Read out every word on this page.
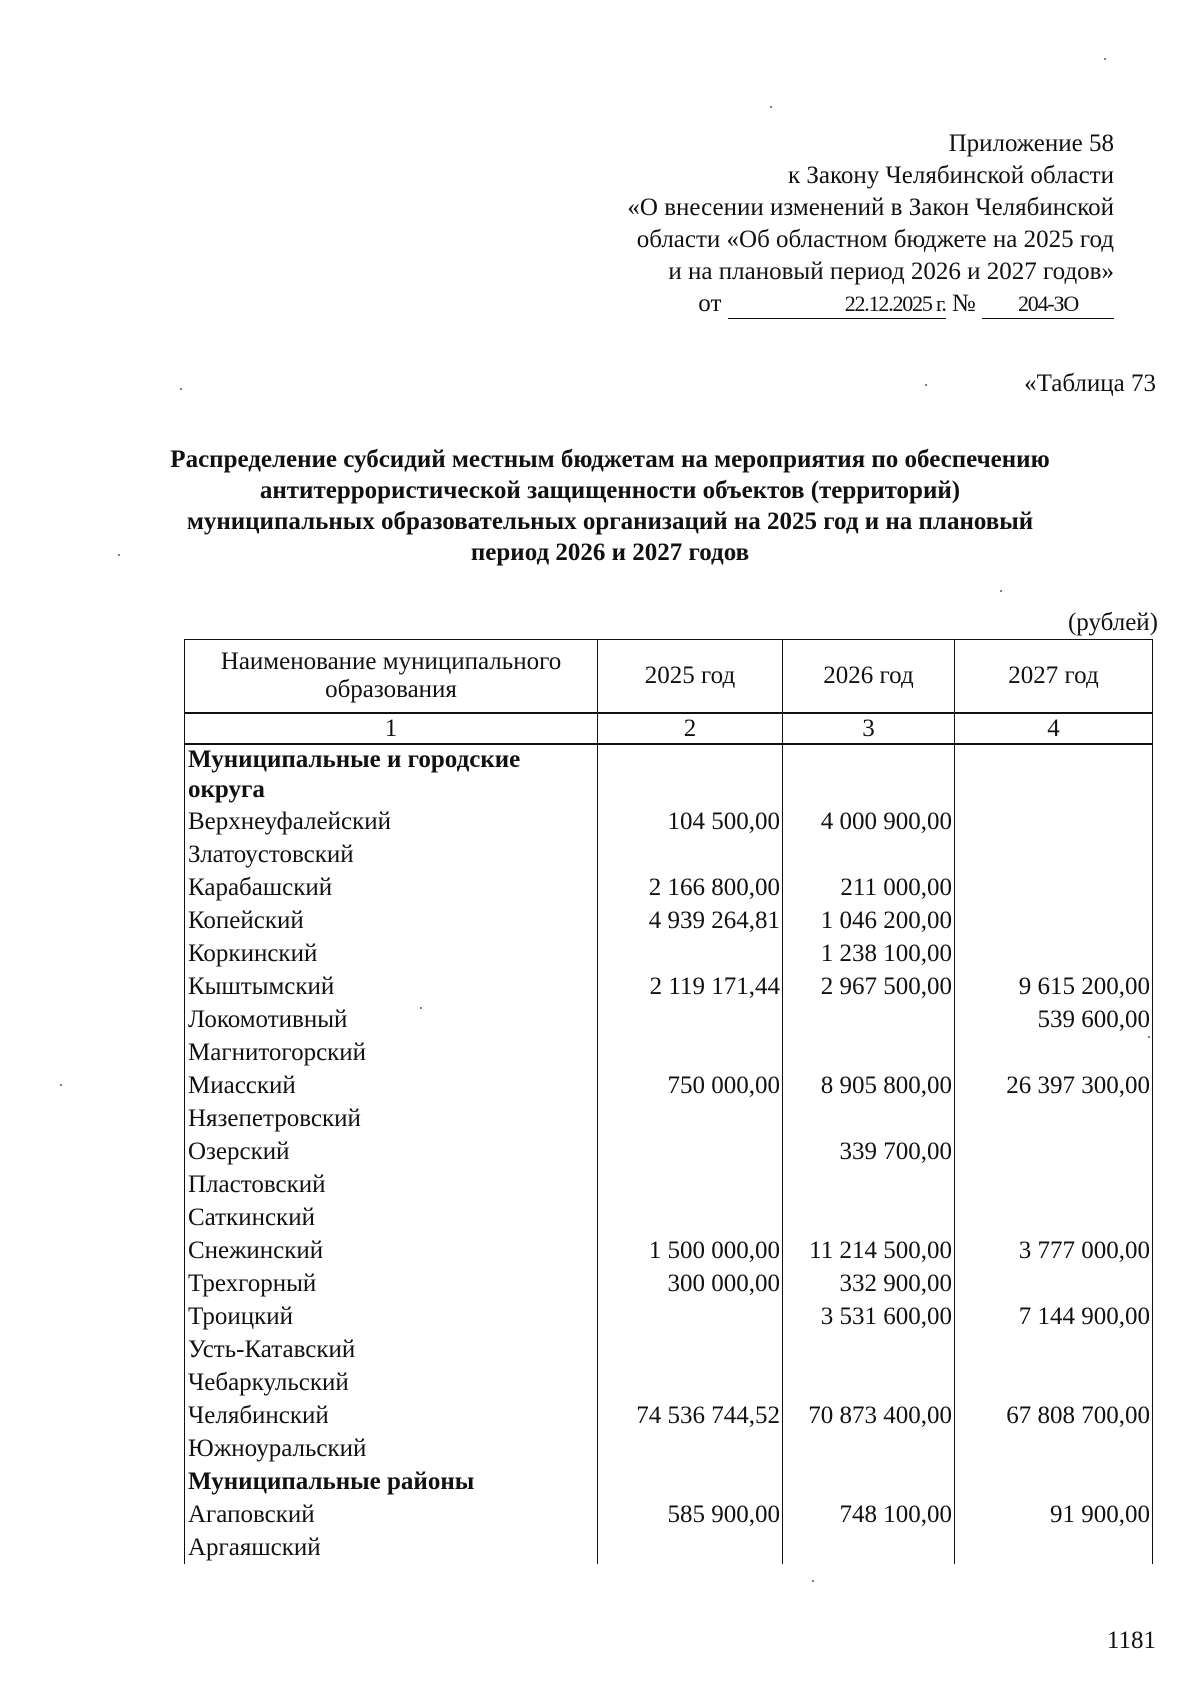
Приложение 58
к Закону Челябинской области
«О внесении изменений в Закон Челябинской
области «Об областном бюджете на 2025 год
и на плановый период 2026 и 2027 годов»
от	22.12.2025 г. № 204-ЗО
«Таблица 73
Распределение субсидий местным бюджетам на мероприятия по обеспечению антитеррористической защищенности объектов (территорий) муниципальных образовательных организаций на 2025 год и на плановый период 2026 и 2027 годов
(рублей)
Наименование муниципального образования	2025 год	2026 год	2027 год
1	2	3	4
Муниципальные и городские округа			
Верхнеуфалейский	104 500,00	4 000 900,00	
Златоустовский			
Карабашский	2 166 800,00	211 000,00	
Копейский	4 939 264,81	1 046 200,00	
Коркинский		1 238 100,00	
Кыштымский	2 119 171,44	2 967 500,00	9 615 200,00
Локомотивный			539 600,00
Магнитогорский			
Миасский	750 000,00	8 905 800,00	26 397 300,00
Нязепетровский			
Озерский		339 700,00	
Пластовский			
Саткинский			
Снежинский	1 500 000,00	11 214 500,00	3 777 000,00
Трехгорный	300 000,00	332 900,00	
Троицкий		3 531 600,00	7 144 900,00
Усть-Катавский			
Чебаркульский			
Челябинский	74 536 744,52	70 873 400,00	67 808 700,00
Южноуральский			
Муниципальные районы			
Агаповский	585 900,00	748 100,00	91 900,00
Аргаяшский			
1181
